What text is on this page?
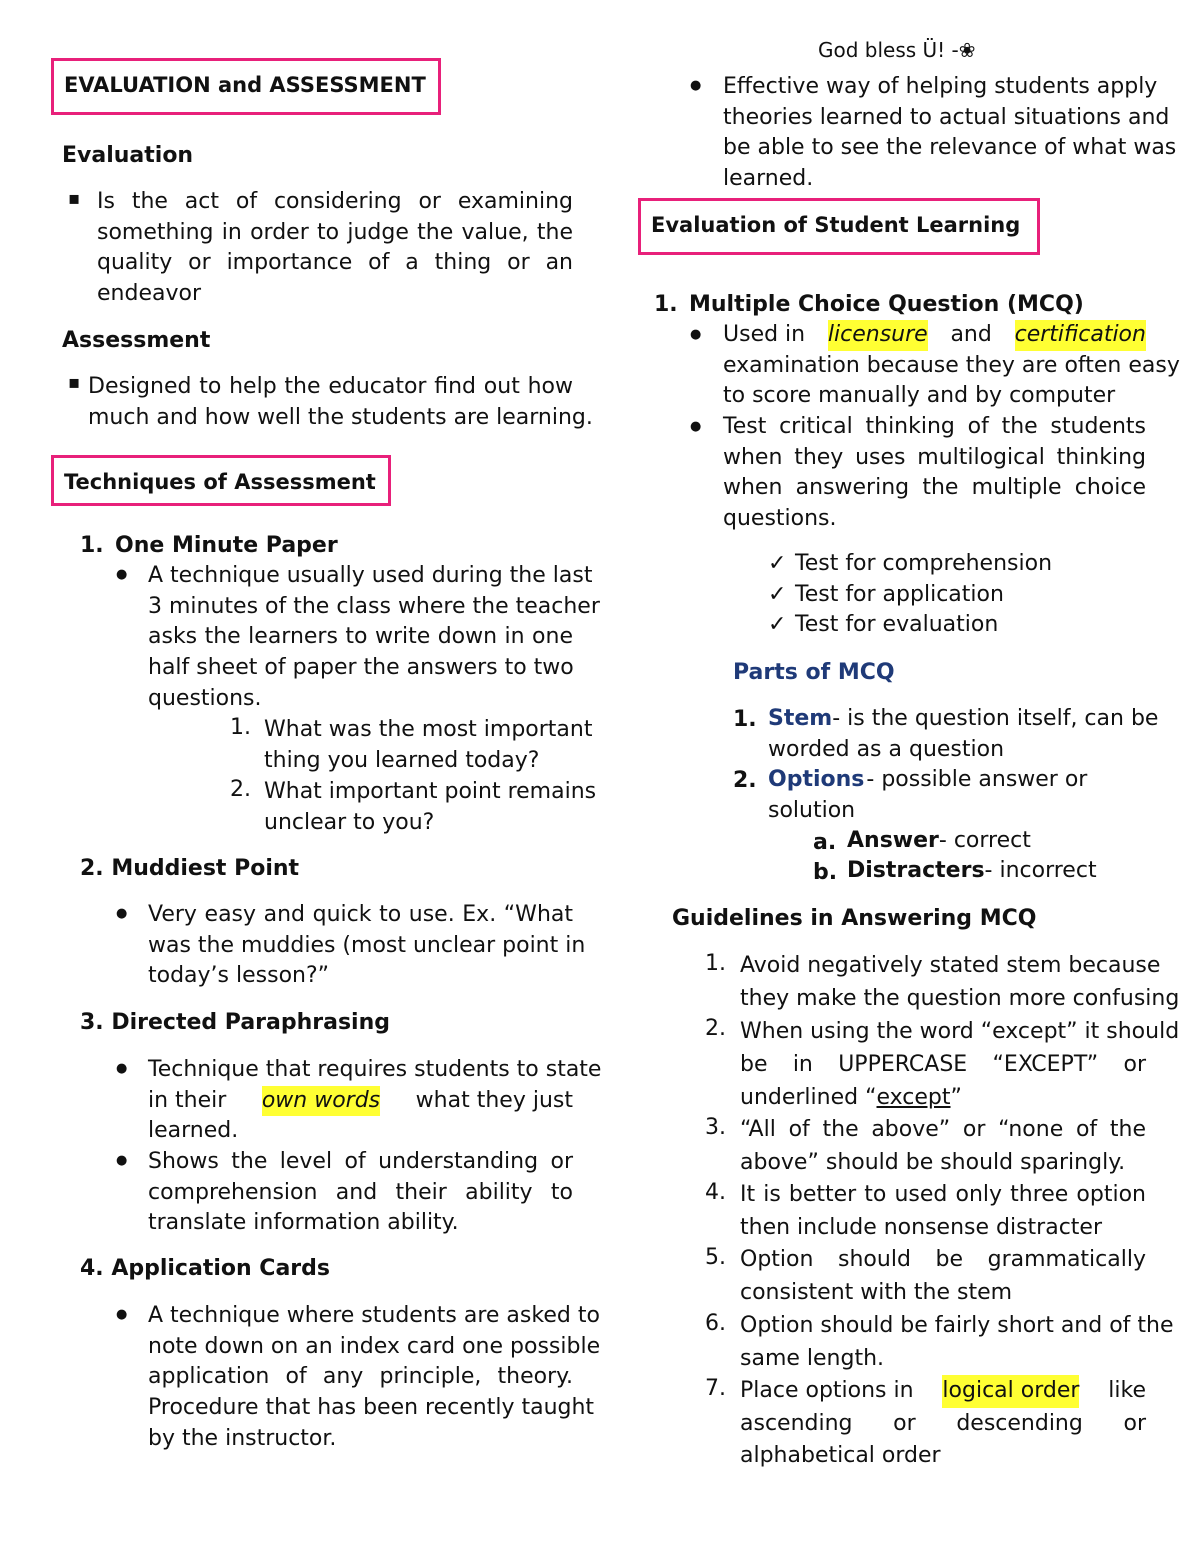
God bless Ü! -❀
EVALUATION and ASSESSMENT
Evaluation
▪ Is the act of considering or examining
something in order to judge the value, the
quality or importance of a thing or an
endeavor
Assessment
▪ Designed to help the educator find out how
much and how well the students are learning.
Techniques of Assessment
1. One Minute Paper
● A technique usually used during the last
3 minutes of the class where the teacher
asks the learners to write down in one
half sheet of paper the answers to two
questions.
1. What was the most important
thing you learned today?
2. What important point remains
unclear to you?
2. Muddiest Point
● Very easy and quick to use. Ex. “What
was the muddies (most unclear point in
today’s lesson?”
3. Directed Paraphrasing
● Technique that requires students to state
in their own words what they just
learned.
● Shows the level of understanding or
comprehension and their ability to
translate information ability.
4. Application Cards
● A technique where students are asked to
note down on an index card one possible
application of any principle, theory.
Procedure that has been recently taught
by the instructor.
● Effective way of helping students apply
theories learned to actual situations and
be able to see the relevance of what was
learned.
Evaluation of Student Learning
1. Multiple Choice Question (MCQ)
● Used in licensure and certification
examination because they are often easy
to score manually and by computer
● Test critical thinking of the students
when they uses multilogical thinking
when answering the multiple choice
questions.
✓ Test for comprehension
✓ Test for application
✓ Test for evaluation
Parts of MCQ
1. Stem - is the question itself, can be
worded as a question
2. Options - possible answer or
solution
a. Answer- correct
b. Distracters- incorrect
Guidelines in Answering MCQ
1. Avoid negatively stated stem because
they make the question more confusing
2. When using the word “except” it should
be in UPPERCASE “EXCEPT” or
underlined “except”
3. “All of the above” or “none of the
above” should be should sparingly.
4. It is better to used only three option
then include nonsense distracter
5. Option should be grammatically
consistent with the stem
6. Option should be fairly short and of the
same length.
7. Place options in logical order like
ascending or descending or
alphabetical order
